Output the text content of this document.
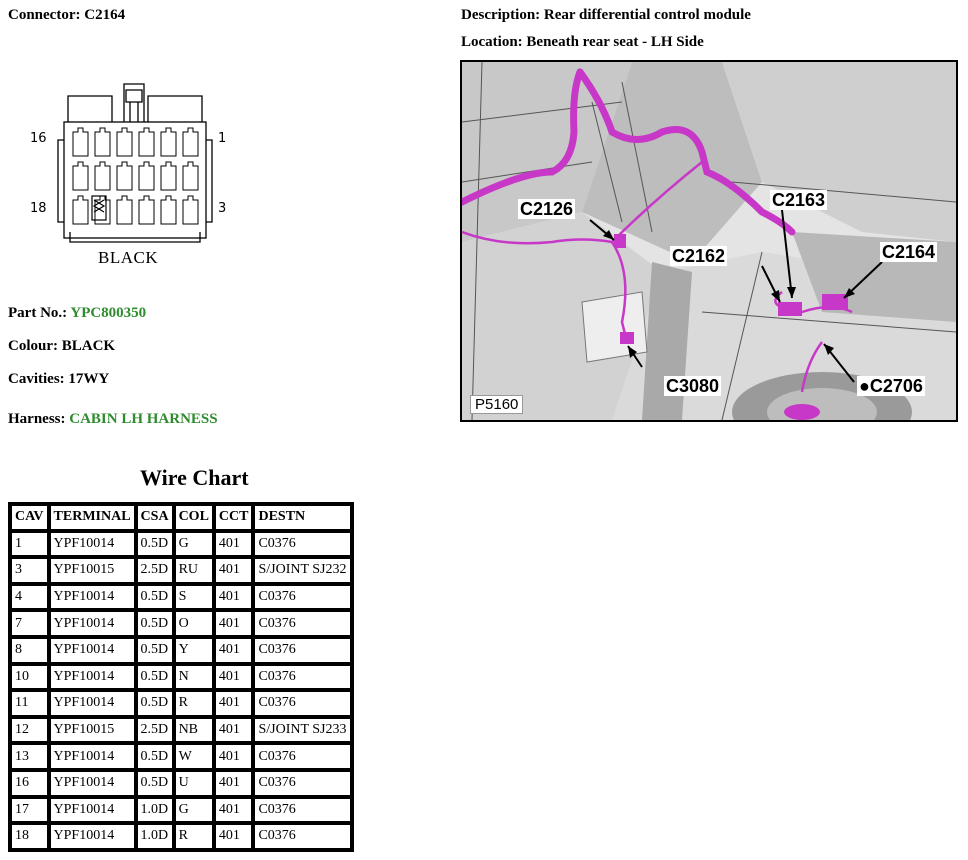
Connector: C2164	Description: Rear differential control module
Location: Beneath rear seat - LH Side
16	1
18	3
BLACK
Part No.: YPC800350
Colour: BLACK
Cavities: 17WY
Harness: CABIN LH HARNESS
C2126	C2163
C2162	C2164
C3080	●C2706
P5160
Wire Chart
CAV	TERMINAL	CSA	COL	CCT	DESTN
1	YPF10014	0.5D	G	401	C0376
3	YPF10015	2.5D	RU	401	S/JOINT SJ232
4	YPF10014	0.5D	S	401	C0376
7	YPF10014	0.5D	O	401	C0376
8	YPF10014	0.5D	Y	401	C0376
10	YPF10014	0.5D	N	401	C0376
11	YPF10014	0.5D	R	401	C0376
12	YPF10015	2.5D	NB	401	S/JOINT SJ233
13	YPF10014	0.5D	W	401	C0376
16	YPF10014	0.5D	U	401	C0376
17	YPF10014	1.0D	G	401	C0376
18	YPF10014	1.0D	R	401	C0376
